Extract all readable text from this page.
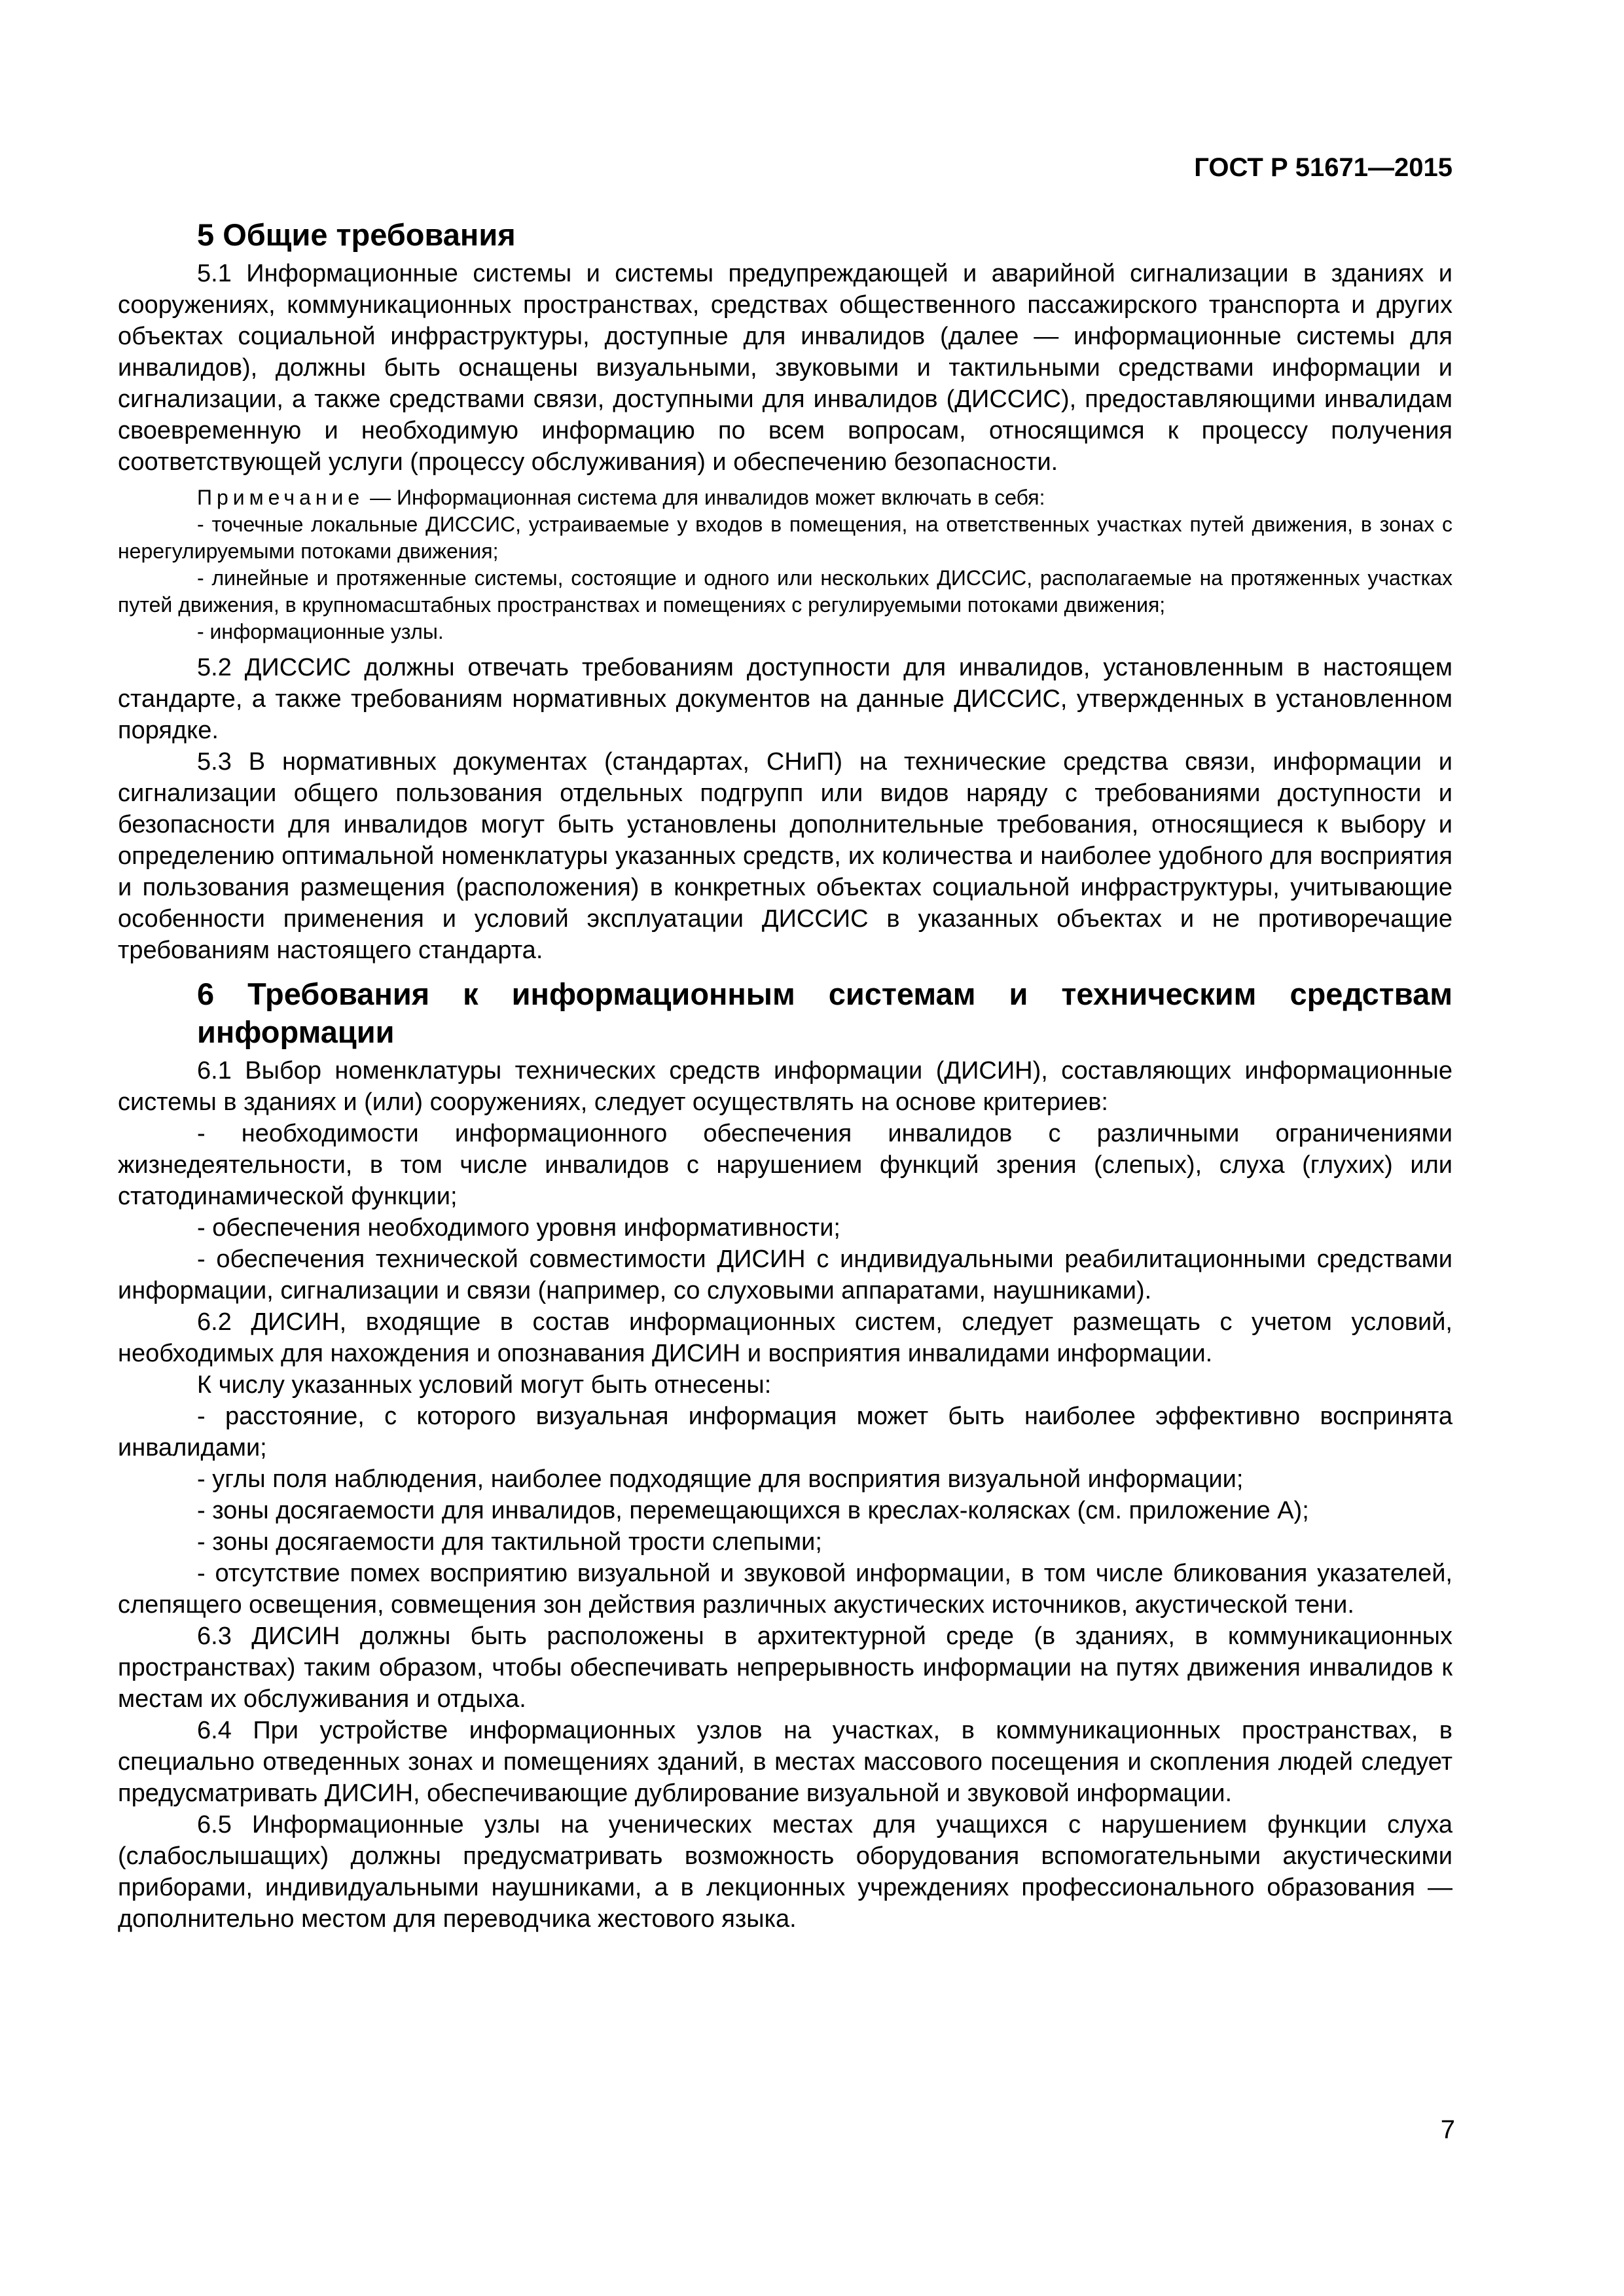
ГОСТ Р 51671—2015
5 Общие требования

5.1 Информационные системы и системы предупреждающей и аварийной сигнализации в зданиях и сооружениях, коммуникационных пространствах, средствах общественного пассажирского транспорта и других объектах социальной инфраструктуры, доступные для инвалидов (далее — информационные системы для инвалидов), должны быть оснащены визуальными, звуковыми и тактильными средствами информации и сигнализации, а также средствами связи, доступными для инвалидов (ДИССИС), предоставляющими инвалидам своевременную и необходимую информацию по всем вопросам, относящимся к процессу получения соответствующей услуги (процессу обслуживания) и обеспечению безопасности.

Примечание — Информационная система для инвалидов может включать в себя:

- точечные локальные ДИССИС, устраиваемые у входов в помещения, на ответственных участках путей движения, в зонах с нерегулируемыми потоками движения;

- линейные и протяженные системы, состоящие и одного или нескольких ДИССИС, располагаемые на протяженных участках путей движения, в крупномасштабных пространствах и помещениях с регулируемыми потоками движения;

- информационные узлы.

5.2 ДИССИС должны отвечать требованиям доступности для инвалидов, установленным в настоящем стандарте, а также требованиям нормативных документов на данные ДИССИС, утвержденных в установленном порядке.

5.3 В нормативных документах (стандартах, СНиП) на технические средства связи, информации и сигнализации общего пользования отдельных подгрупп или видов наряду с требованиями доступности и безопасности для инвалидов могут быть установлены дополнительные требования, относящиеся к выбору и определению оптимальной номенклатуры указанных средств, их количества и наиболее удобного для восприятия и пользования размещения (расположения) в конкретных объектах социальной инфраструктуры, учитывающие особенности применения и условий эксплуатации ДИССИС в указанных объектах и не противоречащие требованиям настоящего стандарта.

6 Требования к информационным системам и техническим средствам информации

6.1 Выбор номенклатуры технических средств информации (ДИСИН), составляющих информационные системы в зданиях и (или) сооружениях, следует осуществлять на основе критериев:

- необходимости информационного обеспечения инвалидов с различными ограничениями жизнедеятельности, в том числе инвалидов с нарушением функций зрения (слепых), слуха (глухих) или статодинамической функции;

- обеспечения необходимого уровня информативности;

- обеспечения технической совместимости ДИСИН с индивидуальными реабилитационными средствами информации, сигнализации и связи (например, со слуховыми аппаратами, наушниками).

6.2 ДИСИН, входящие в состав информационных систем, следует размещать с учетом условий, необходимых для нахождения и опознавания ДИСИН и восприятия инвалидами информации.

К числу указанных условий могут быть отнесены:

- расстояние, с которого визуальная информация может быть наиболее эффективно воспринята инвалидами;

- углы поля наблюдения, наиболее подходящие для восприятия визуальной информации;

- зоны досягаемости для инвалидов, перемещающихся в креслах-колясках (см. приложение А);

- зоны досягаемости для тактильной трости слепыми;

- отсутствие помех восприятию визуальной и звуковой информации, в том числе бликования указателей, слепящего освещения, совмещения зон действия различных акустических источников, акустической тени.

6.3 ДИСИН должны быть расположены в архитектурной среде (в зданиях, в коммуникационных пространствах) таким образом, чтобы обеспечивать непрерывность информации на путях движения инвалидов к местам их обслуживания и отдыха.

6.4 При устройстве информационных узлов на участках, в коммуникационных пространствах, в специально отведенных зонах и помещениях зданий, в местах массового посещения и скопления людей следует предусматривать ДИСИН, обеспечивающие дублирование визуальной и звуковой информации.

6.5 Информационные узлы на ученических местах для учащихся с нарушением функции слуха (слабослышащих) должны предусматривать возможность оборудования вспомогательными акустическими приборами, индивидуальными наушниками, а в лекционных учреждениях профессионального образования — дополнительно местом для переводчика жестового языка.

7
